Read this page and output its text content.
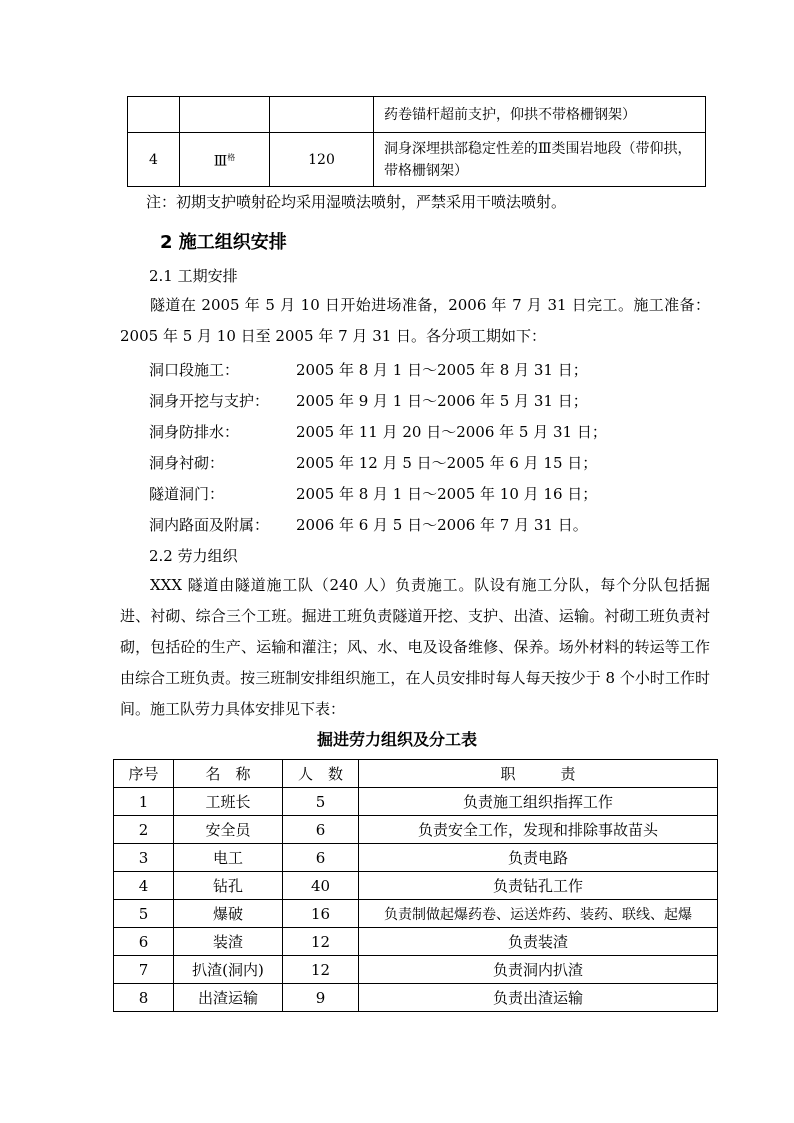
			药卷锚杆超前支护，仰拱不带格栅钢架）
4	Ⅲ$^格$	120	洞身深埋拱部稳定性差的Ⅲ类围岩地段（带仰拱，
带格栅钢架）
注：初期支护喷射砼均采用湿喷法喷射，严禁采用干喷法喷射。
2 施工组织安排
2.1 工期安排
隧道在 2005 年 5 月 10 日开始进场准备，2006 年 7 月 31 日完工。施工准备：2005 年 5 月 10 日至 2005 年 7 月 31 日。各分项工期如下：
洞口段施工：	2005 年 8 月 1 日～2005 年 8 月 31 日；
洞身开挖与支护： 2005 年 9 月 1 日～2006 年 5 月 31 日；
洞身防排水：	2005 年 11 月 20 日～2006 年 5 月 31 日；
洞身衬砌：	2005 年 12 月 5 日～2005 年 6 月 15 日；
隧道洞门：	2005 年 8 月 1 日～2005 年 10 月 16 日；
洞内路面及附属： 2006 年 6 月 5 日～2006 年 7 月 31 日。
2.2 劳力组织
XXX 隧道由隧道施工队（240 人）负责施工。队设有施工分队，每个分队包括掘进、衬砌、综合三个工班。掘进工班负责隧道开挖、支护、出渣、运输。衬砌工班负责衬砌，包括砼的生产、运输和灌注；风、水、电及设备维修、保养。场外材料的转运等工作由综合工班负责。按三班制安排组织施工，在人员安排时每人每天按少于 8 个小时工作时间。施工队劳力具体安排见下表：
掘进劳力组织及分工表
序号	名　称	人　数	职　　　责
1	工班长	5	负责施工组织指挥工作
2	安全员	6	负责安全工作，发现和排除事故苗头
3	电工	6	负责电路
4	钻孔	40	负责钻孔工作
5	爆破	16	负责制做起爆药卷、运送炸药、装药、联线、起爆
6	装渣	12	负责装渣
7	扒渣(洞内)	12	负责洞内扒渣
8	出渣运输	9	负责出渣运输
